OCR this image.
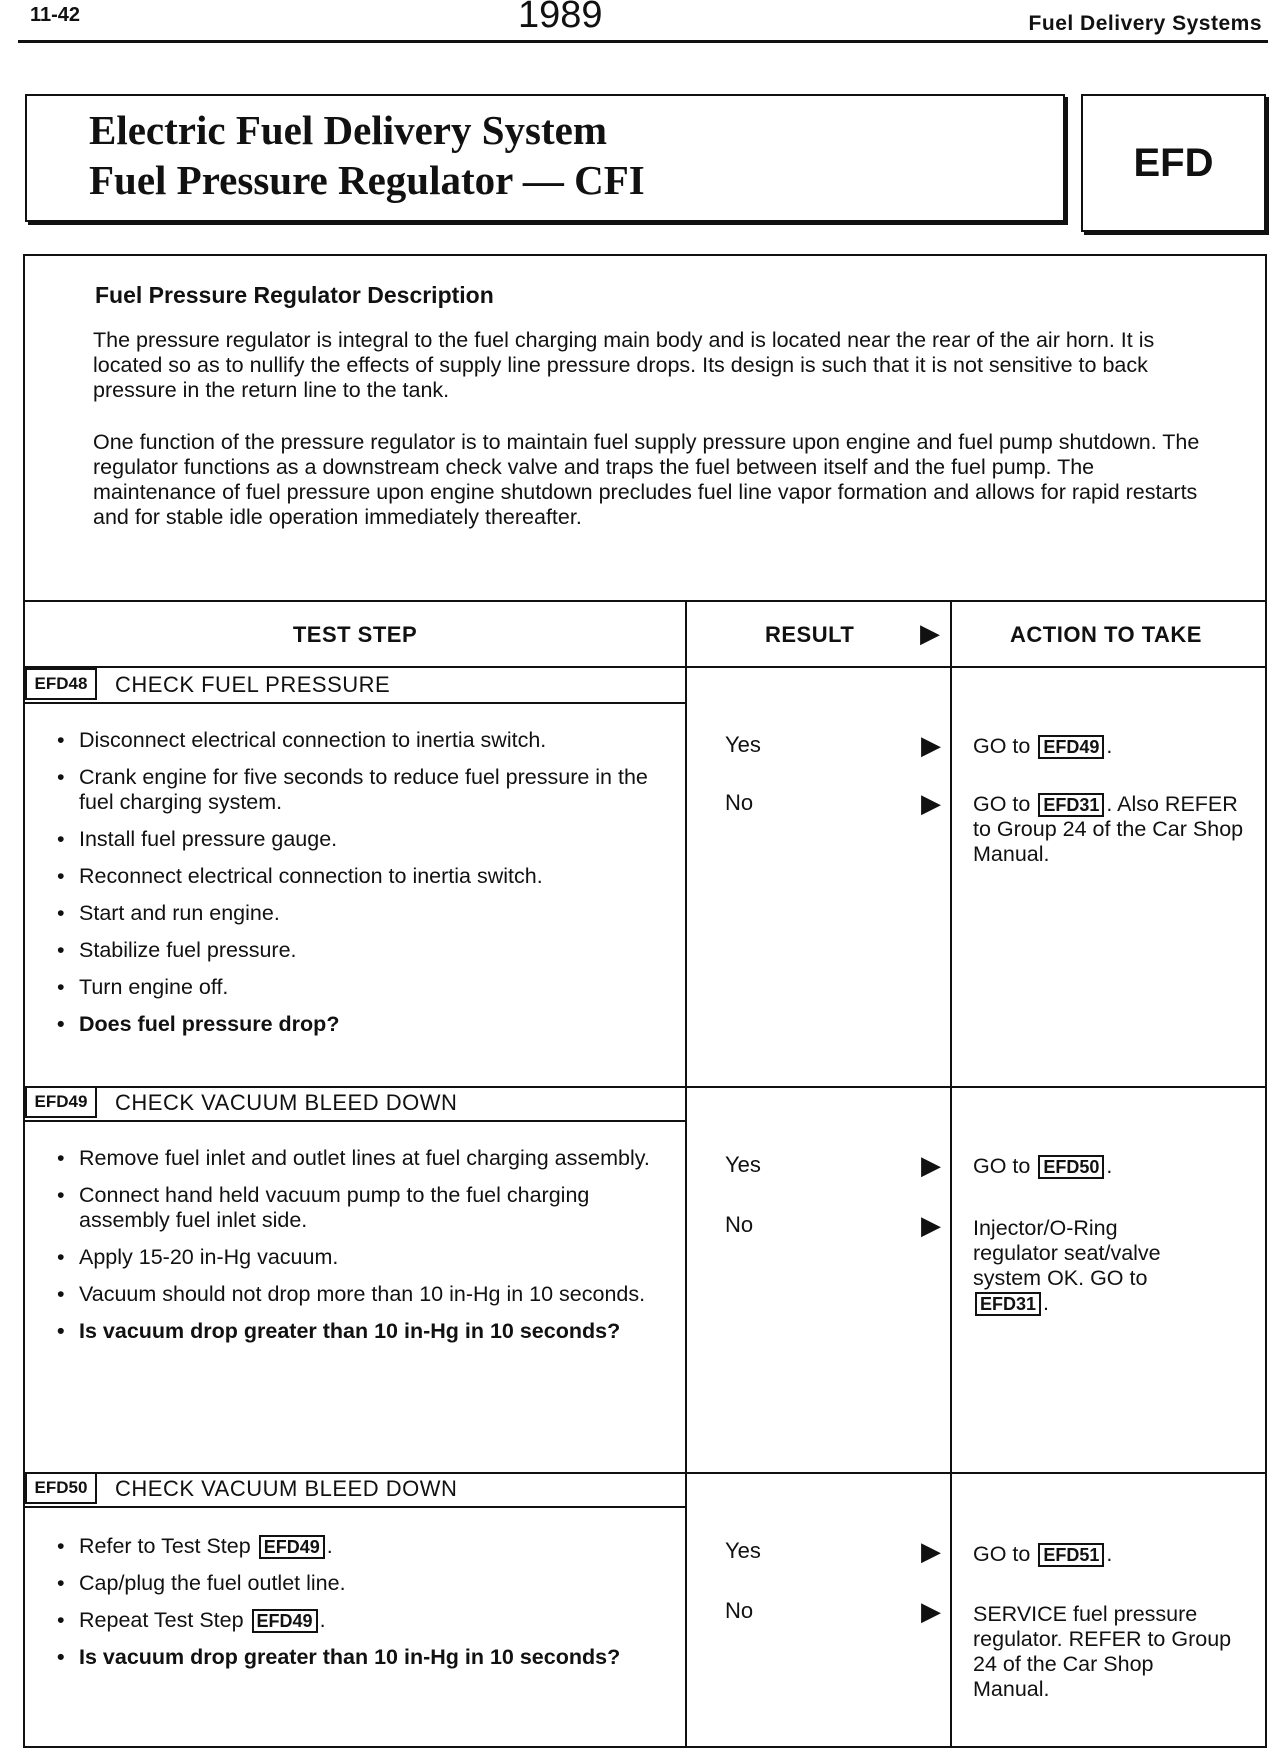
11-42	1989	Fuel Delivery Systems
Electric Fuel Delivery System
Fuel Pressure Regulator — CFI	EFD
Fuel Pressure Regulator Description

The pressure regulator is integral to the fuel charging main body and is located near the rear of the air horn. It is located so as to nullify the effects of supply line pressure drops. Its design is such that it is not sensitive to back pressure in the return line to the tank.

One function of the pressure regulator is to maintain fuel supply pressure upon engine and fuel pump shutdown. The regulator functions as a downstream check valve and traps the fuel between itself and the fuel pump. The maintenance of fuel pressure upon engine shutdown precludes fuel line vapor formation and allows for rapid restarts and for stable idle operation immediately thereafter.

TEST STEP	RESULT	▶	ACTION TO TAKE
EFD48	CHECK FUEL PRESSURE
• Disconnect electrical connection to inertia switch.
• Crank engine for five seconds to reduce fuel pressure in the fuel charging system.
• Install fuel pressure gauge.
• Reconnect electrical connection to inertia switch.
• Start and run engine.
• Stabilize fuel pressure.
• Turn engine off.
• Does fuel pressure drop?
Yes	▶ GO to EFD49 .
No	▶ GO to EFD31 . Also REFER to Group 24 of the Car Shop Manual.
EFD49	CHECK VACUUM BLEED DOWN
• Remove fuel inlet and outlet lines at fuel charging assembly.
• Connect hand held vacuum pump to the fuel charging assembly fuel inlet side.
• Apply 15-20 in-Hg vacuum.
• Vacuum should not drop more than 10 in-Hg in 10 seconds.
• Is vacuum drop greater than 10 in-Hg in 10 seconds?
Yes	▶ GO to EFD50 .
No	▶ Injector/O-Ring regulator seat/valve system OK. GO to EFD31 .
EFD50	CHECK VACUUM BLEED DOWN
• Refer to Test Step EFD49 .
• Cap/plug the fuel outlet line.
• Repeat Test Step EFD49 .
• Is vacuum drop greater than 10 in-Hg in 10 seconds?
Yes	▶ GO to EFD51 .
No	▶ SERVICE fuel pressure regulator. REFER to Group 24 of the Car Shop Manual.
